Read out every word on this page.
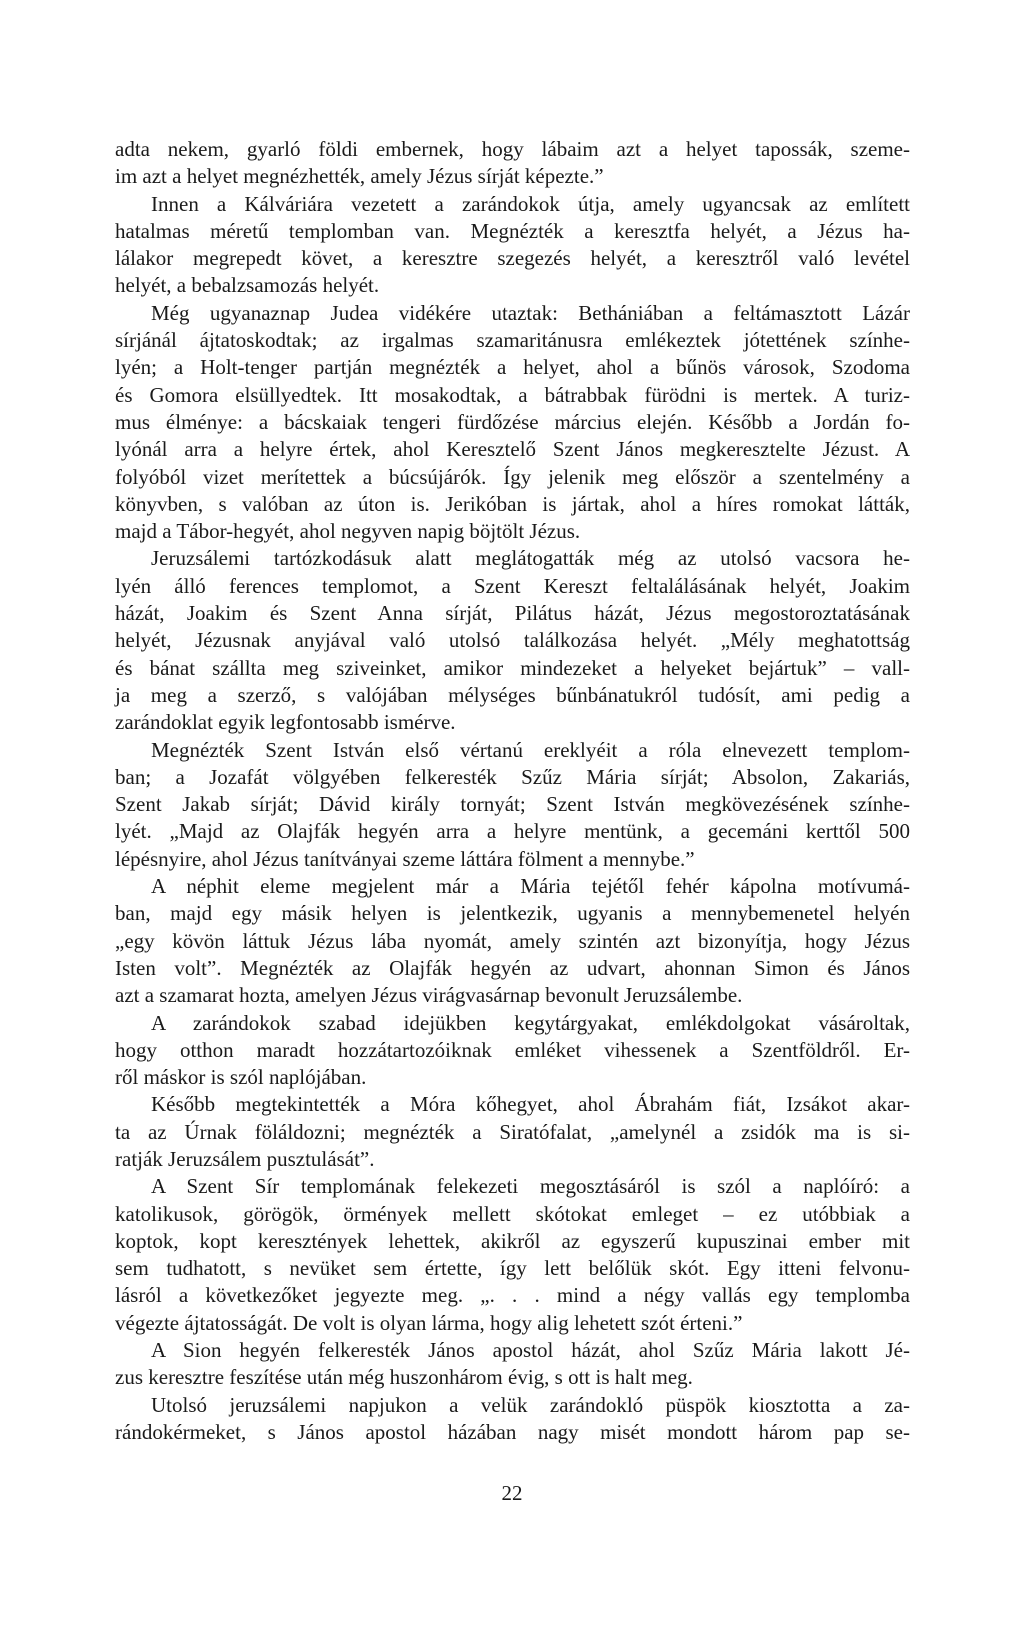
adta nekem, gyarló földi embernek, hogy lábaim azt a helyet tapossák, szeme-
im azt a helyet megnézhették, amely Jézus sírját képezte.”
Innen a Kálváriára vezetett a zarándokok útja, amely ugyancsak az említett
hatalmas méretű templomban van. Megnézték a keresztfa helyét, a Jézus ha-
lálakor megrepedt követ, a keresztre szegezés helyét, a keresztről való levétel
helyét, a bebalzsamozás helyét.
Még ugyanaznap Judea vidékére utaztak: Bethániában a feltámasztott Lázár
sírjánál ájtatoskodtak; az irgalmas szamaritánusra emlékeztek jótettének színhe-
lyén; a Holt-tenger partján megnézték a helyet, ahol a bűnös városok, Szodoma
és Gomora elsüllyedtek. Itt mosakodtak, a bátrabbak fürödni is mertek. A turiz-
mus élménye: a bácskaiak tengeri fürdőzése március elején. Később a Jordán fo-
lyónál arra a helyre értek, ahol Keresztelő Szent János megkeresztelte Jézust. A
folyóból vizet merítettek a búcsújárók. Így jelenik meg először a szentelmény a
könyvben, s valóban az úton is. Jerikóban is jártak, ahol a híres romokat látták,
majd a Tábor-hegyét, ahol negyven napig böjtölt Jézus.
Jeruzsálemi tartózkodásuk alatt meglátogatták még az utolsó vacsora he-
lyén álló ferences templomot, a Szent Kereszt feltalálásának helyét, Joakim
házát, Joakim és Szent Anna sírját, Pilátus házát, Jézus megostoroztatásának
helyét, Jézusnak anyjával való utolsó találkozása helyét. „Mély meghatottság
és bánat szállta meg sziveinket, amikor mindezeket a helyeket bejártuk” – vall-
ja meg a szerző, s valójában mélységes bűnbánatukról tudósít, ami pedig a
zarándoklat egyik legfontosabb ismérve.
Megnézték Szent István első vértanú ereklyéit a róla elnevezett templom-
ban; a Jozafát völgyében felkeresték Szűz Mária sírját; Absolon, Zakariás,
Szent Jakab sírját; Dávid király tornyát; Szent István megkövezésének színhe-
lyét. „Majd az Olajfák hegyén arra a helyre mentünk, a gecemáni kerttől 500
lépésnyire, ahol Jézus tanítványai szeme láttára fölment a mennybe.”
A néphit eleme megjelent már a Mária tejétől fehér kápolna motívumá-
ban, majd egy másik helyen is jelentkezik, ugyanis a mennybemenetel helyén
„egy kövön láttuk Jézus lába nyomát, amely szintén azt bizonyítja, hogy Jézus
Isten volt”. Megnézték az Olajfák hegyén az udvart, ahonnan Simon és János
azt a szamarat hozta, amelyen Jézus virágvasárnap bevonult Jeruzsálembe.
A zarándokok szabad idejükben kegytárgyakat, emlékdolgokat vásároltak,
hogy otthon maradt hozzátartozóiknak emléket vihessenek a Szentföldről. Er-
ről máskor is szól naplójában.
Később megtekintették a Móra kőhegyet, ahol Ábrahám fiát, Izsákot akar-
ta az Úrnak föláldozni; megnézték a Siratófalat, „amelynél a zsidók ma is si-
ratják Jeruzsálem pusztulását”.
A Szent Sír templomának felekezeti megosztásáról is szól a naplóíró: a
katolikusok, görögök, örmények mellett skótokat emleget – ez utóbbiak a
koptok, kopt keresztények lehettek, akikről az egyszerű kupuszinai ember mit
sem tudhatott, s nevüket sem értette, így lett belőlük skót. Egy itteni felvonu-
lásról a következőket jegyezte meg. „. . . mind a négy vallás egy templomba
végezte ájtatosságát. De volt is olyan lárma, hogy alig lehetett szót érteni.”
A Sion hegyén felkeresték János apostol házát, ahol Szűz Mária lakott Jé-
zus keresztre feszítése után még huszonhárom évig, s ott is halt meg.
Utolsó jeruzsálemi napjukon a velük zarándokló püspök kiosztotta a za-
rándokérmeket, s János apostol házában nagy misét mondott három pap se-
22
